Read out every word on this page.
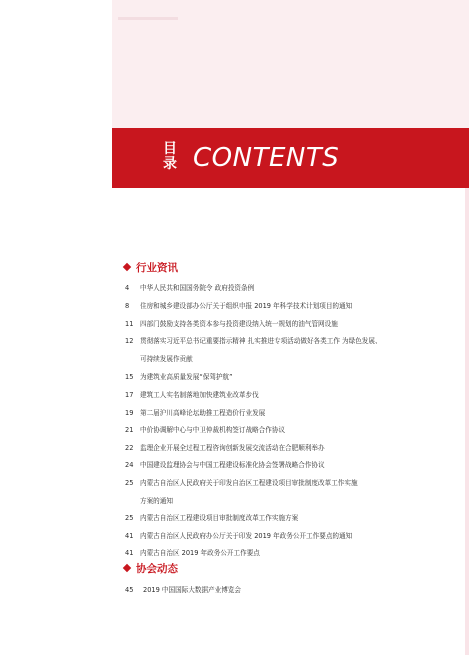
目录 CONTENTS
行业资讯
4	中华人民共和国国务院令 政府投资条例
8	住房和城乡建设部办公厅关于组织申报 2019 年科学技术计划项目的通知
11	四部门鼓励支持各类资本参与投资建设纳入统一规划的油气管网设施
12	贯彻落实习近平总书记重要指示精神 扎实推进专项活动做好各类工作 为绿色发展、
可持续发展作贡献
15	为建筑业高质量发展“保驾护航”
17	建筑工人实名制落地加快建筑业改革步伐
19	第二届沪川高峰论坛助推工程造价行业发展
21	中价协调解中心与中卫仲裁机构签订战略合作协议
22	监理企业开展全过程工程咨询创新发展交流活动在合肥顺利举办
24	中国建设监理协会与中国工程建设标准化协会签署战略合作协议
25	内蒙古自治区人民政府关于印发自治区工程建设项目审批制度改革工作实施
方案的通知
25	内蒙古自治区工程建设项目审批制度改革工作实施方案
41	内蒙古自治区人民政府办公厅关于印发 2019 年政务公开工作要点的通知
41	内蒙古自治区 2019 年政务公开工作要点
协会动态
45	2019 中国国际大数据产业博览会
